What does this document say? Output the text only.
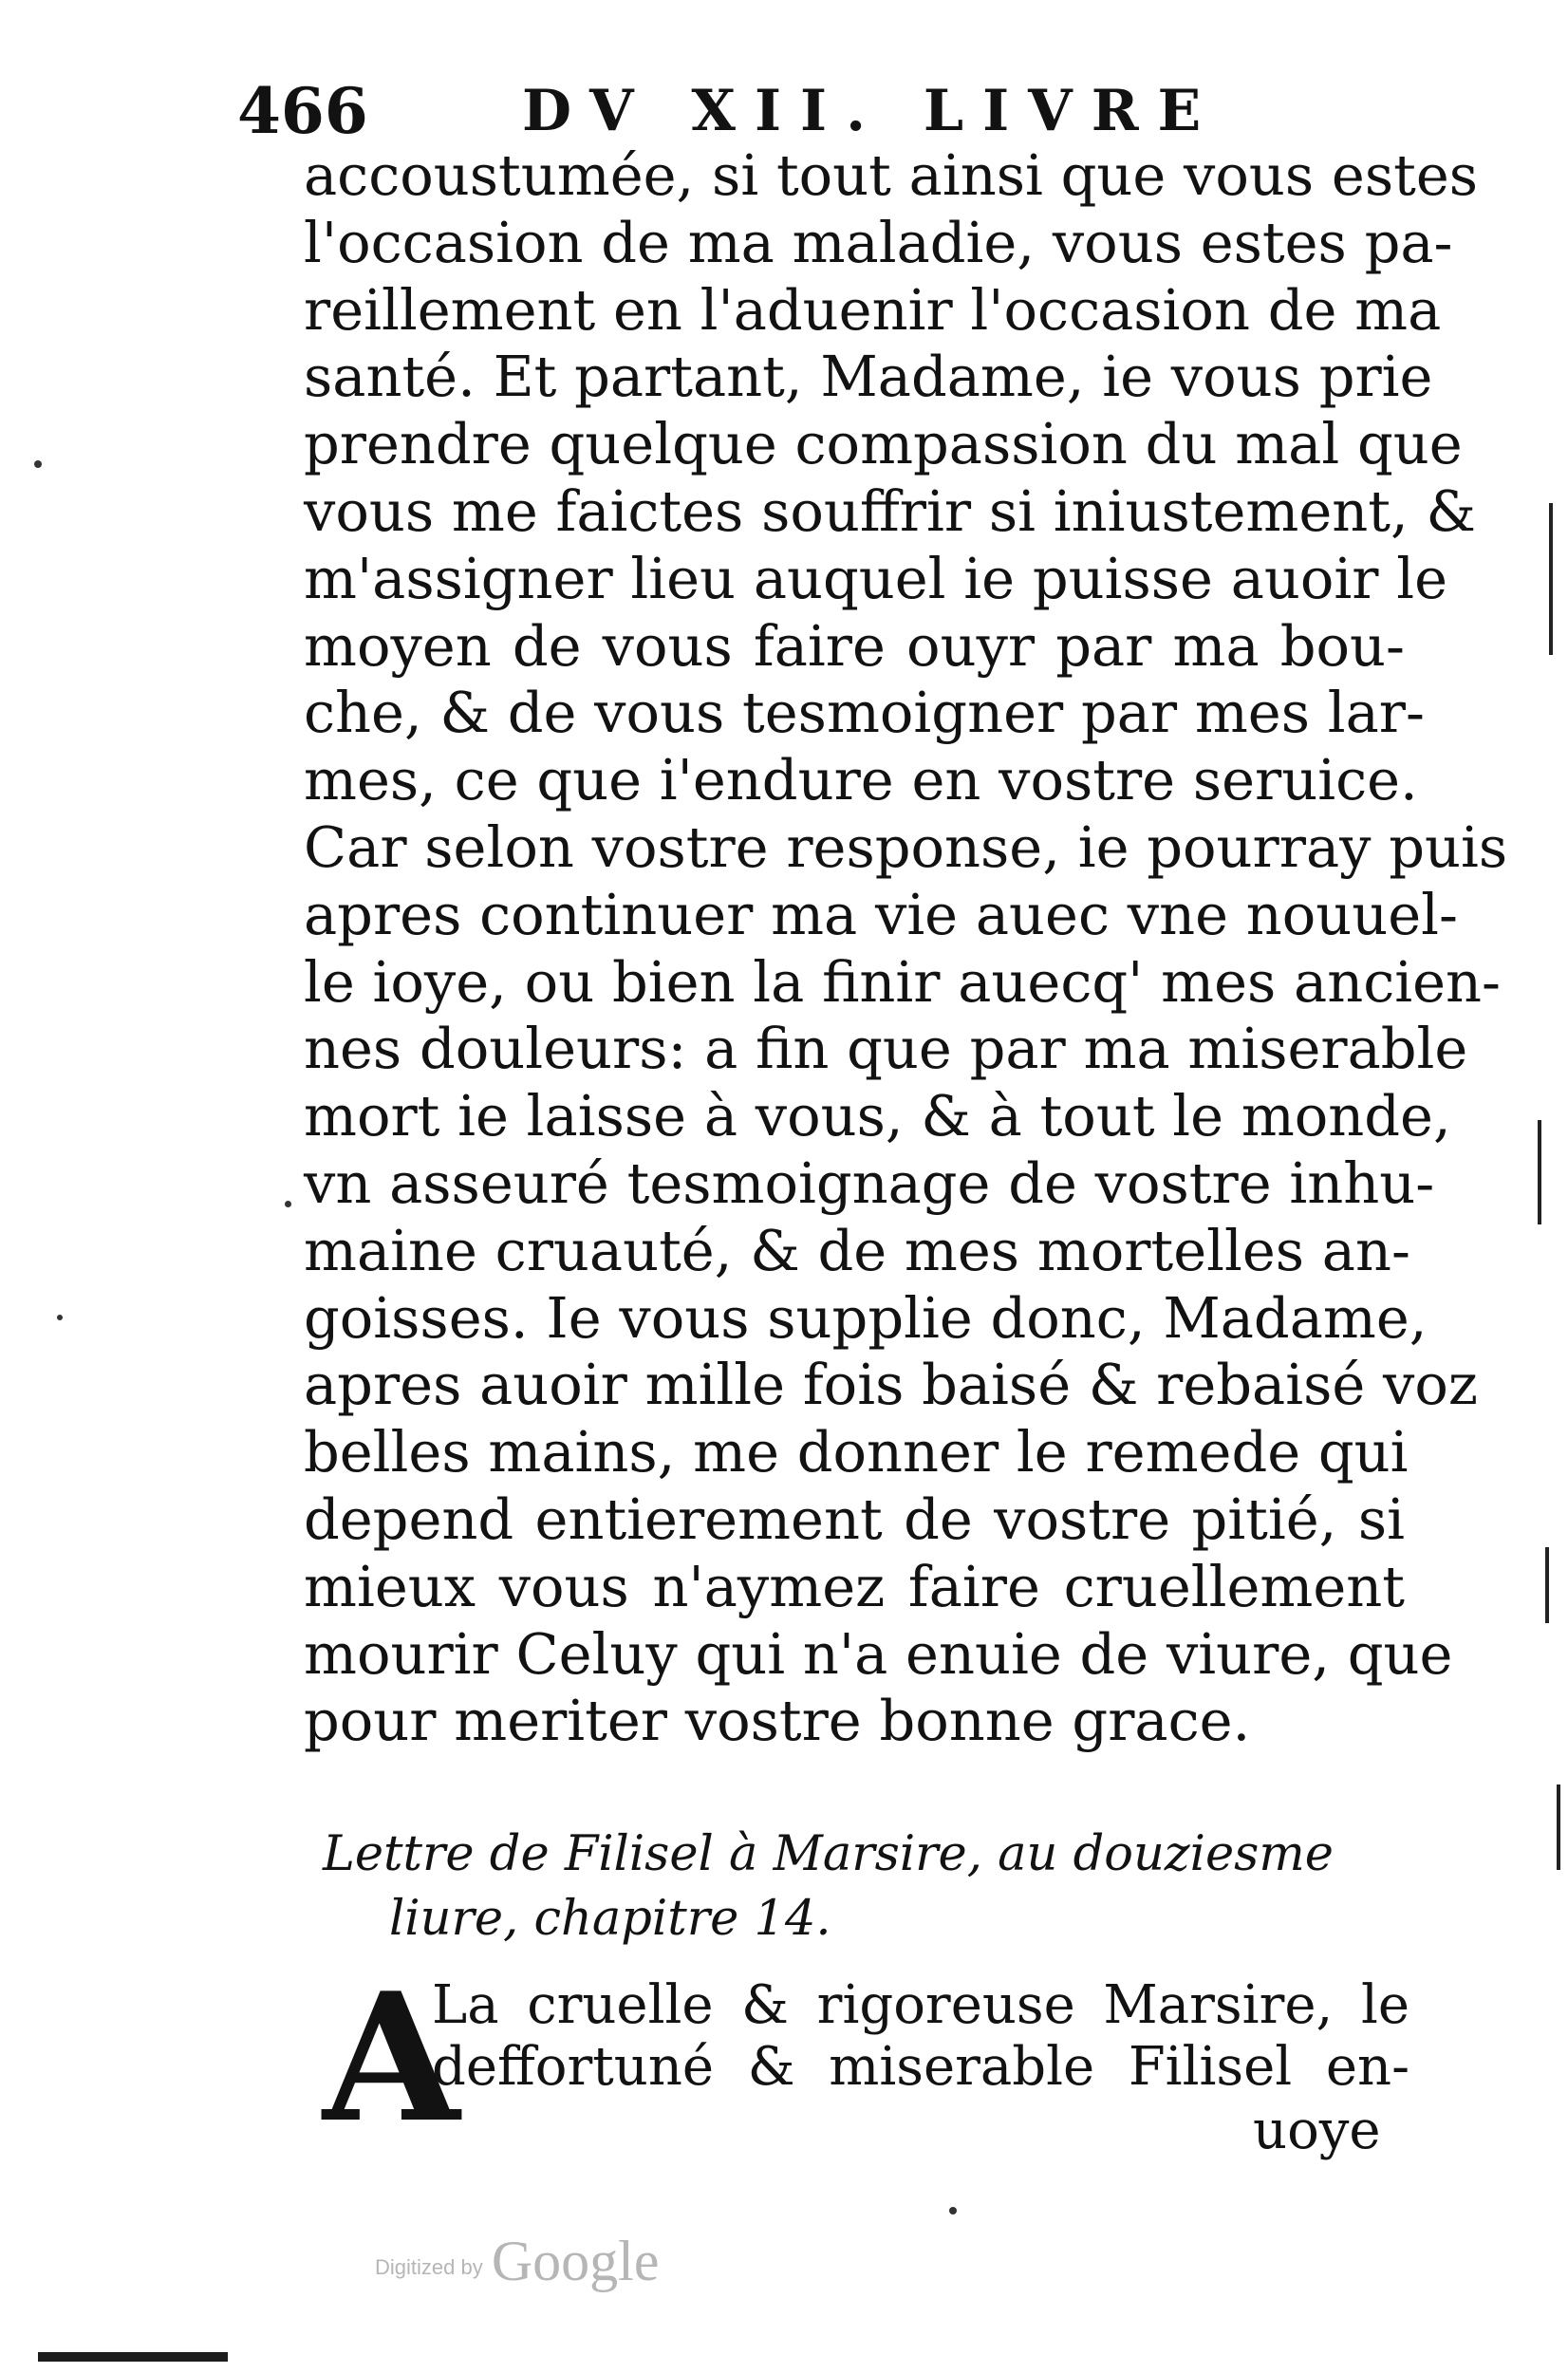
466	DV XII. LIVRE
accoustumée, si tout ainsi que vous estes
l'occasion de ma maladie, vous estes pa-
reillement en l'aduenir l'occasion de ma
santé. Et partant, Madame, ie vous prie
prendre quelque compassion du mal que
vous me faictes souffrir si iniustement, &
m'assigner lieu auquel ie puisse auoir le
moyen de vous faire ouyr par ma bou-
che, & de vous tesmoigner par mes lar-
mes, ce que i'endure en vostre seruice.
Car selon vostre response, ie pourray puis
apres continuer ma vie auec vne nouuel-
le ioye, ou bien la finir auecq' mes ancien-
nes douleurs: a fin que par ma miserable
mort ie laisse à vous, & à tout le monde,
vn asseuré tesmoignage de vostre inhu-
maine cruauté, & de mes mortelles an-
goisses. Ie vous supplie donc, Madame,
apres auoir mille fois baisé & rebaisé voz
belles mains, me donner le remede qui
depend entierement de vostre pitié, si
mieux vous n'aymez faire cruellement
mourir Celuy qui n'a enuie de viure, que
pour meriter vostre bonne grace.
Lettre de Filisel à Marsire, au douziesme
liure, chapitre 14.
A
La cruelle & rigoreuse Marsire, le
deffortuné & miserable Filisel en-
uoye
Digitized by Google
